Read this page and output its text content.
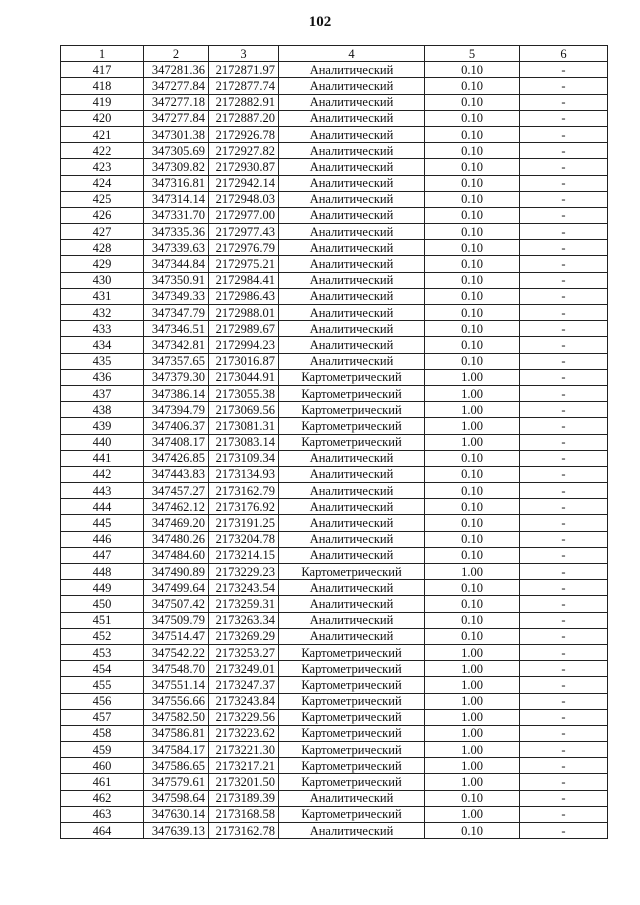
102
1	2	3	4	5	6
417	347281.36	2172871.97	Аналитический	0.10	-
418	347277.84	2172877.74	Аналитический	0.10	-
419	347277.18	2172882.91	Аналитический	0.10	-
420	347277.84	2172887.20	Аналитический	0.10	-
421	347301.38	2172926.78	Аналитический	0.10	-
422	347305.69	2172927.82	Аналитический	0.10	-
423	347309.82	2172930.87	Аналитический	0.10	-
424	347316.81	2172942.14	Аналитический	0.10	-
425	347314.14	2172948.03	Аналитический	0.10	-
426	347331.70	2172977.00	Аналитический	0.10	-
427	347335.36	2172977.43	Аналитический	0.10	-
428	347339.63	2172976.79	Аналитический	0.10	-
429	347344.84	2172975.21	Аналитический	0.10	-
430	347350.91	2172984.41	Аналитический	0.10	-
431	347349.33	2172986.43	Аналитический	0.10	-
432	347347.79	2172988.01	Аналитический	0.10	-
433	347346.51	2172989.67	Аналитический	0.10	-
434	347342.81	2172994.23	Аналитический	0.10	-
435	347357.65	2173016.87	Аналитический	0.10	-
436	347379.30	2173044.91	Картометрический	1.00	-
437	347386.14	2173055.38	Картометрический	1.00	-
438	347394.79	2173069.56	Картометрический	1.00	-
439	347406.37	2173081.31	Картометрический	1.00	-
440	347408.17	2173083.14	Картометрический	1.00	-
441	347426.85	2173109.34	Аналитический	0.10	-
442	347443.83	2173134.93	Аналитический	0.10	-
443	347457.27	2173162.79	Аналитический	0.10	-
444	347462.12	2173176.92	Аналитический	0.10	-
445	347469.20	2173191.25	Аналитический	0.10	-
446	347480.26	2173204.78	Аналитический	0.10	-
447	347484.60	2173214.15	Аналитический	0.10	-
448	347490.89	2173229.23	Картометрический	1.00	-
449	347499.64	2173243.54	Аналитический	0.10	-
450	347507.42	2173259.31	Аналитический	0.10	-
451	347509.79	2173263.34	Аналитический	0.10	-
452	347514.47	2173269.29	Аналитический	0.10	-
453	347542.22	2173253.27	Картометрический	1.00	-
454	347548.70	2173249.01	Картометрический	1.00	-
455	347551.14	2173247.37	Картометрический	1.00	-
456	347556.66	2173243.84	Картометрический	1.00	-
457	347582.50	2173229.56	Картометрический	1.00	-
458	347586.81	2173223.62	Картометрический	1.00	-
459	347584.17	2173221.30	Картометрический	1.00	-
460	347586.65	2173217.21	Картометрический	1.00	-
461	347579.61	2173201.50	Картометрический	1.00	-
462	347598.64	2173189.39	Аналитический	0.10	-
463	347630.14	2173168.58	Картометрический	1.00	-
464	347639.13	2173162.78	Аналитический	0.10	-
